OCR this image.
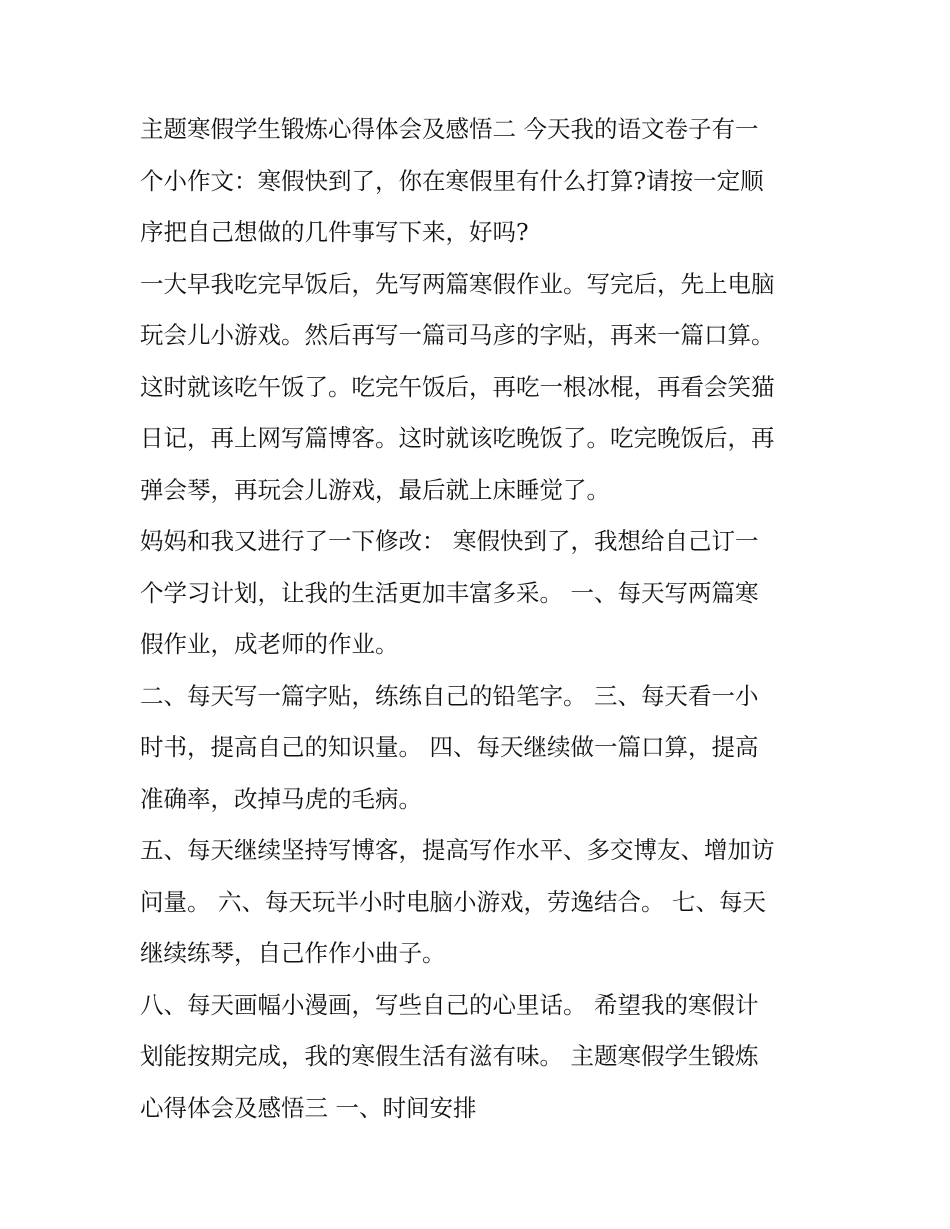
主题寒假学生锻炼心得体会及感悟二 今天我的语文卷子有一
个小作文：寒假快到了，你在寒假里有什么打算?请按一定顺
序把自己想做的几件事写下来，好吗?

一大早我吃完早饭后，先写两篇寒假作业。写完后，先上电脑
玩会儿小游戏。然后再写一篇司马彦的字贴，再来一篇口算。
这时就该吃午饭了。吃完午饭后，再吃一根冰棍，再看会笑猫
日记，再上网写篇博客。这时就该吃晚饭了。吃完晚饭后，再
弹会琴，再玩会儿游戏，最后就上床睡觉了。

妈妈和我又进行了一下修改： 寒假快到了，我想给自己订一
个学习计划，让我的生活更加丰富多采。 一、每天写两篇寒
假作业，成老师的作业。

二、每天写一篇字贴，练练自己的铅笔字。 三、每天看一小
时书，提高自己的知识量。 四、每天继续做一篇口算，提高
准确率，改掉马虎的毛病。

五、每天继续坚持写博客，提高写作水平、多交博友、增加访
问量。 六、每天玩半小时电脑小游戏，劳逸结合。 七、每天
继续练琴，自己作作小曲子。

八、每天画幅小漫画，写些自己的心里话。 希望我的寒假计
划能按期完成，我的寒假生活有滋有味。 主题寒假学生锻炼
心得体会及感悟三 一、时间安排
